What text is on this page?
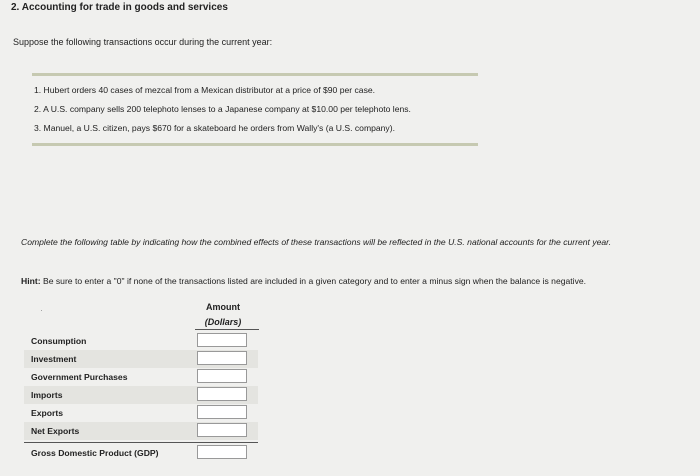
2. Accounting for trade in goods and services
Suppose the following transactions occur during the current year:
1. Hubert orders 40 cases of mezcal from a Mexican distributor at a price of $90 per case.
2. A U.S. company sells 200 telephoto lenses to a Japanese company at $10.00 per telephoto lens.
3. Manuel, a U.S. citizen, pays $670 for a skateboard he orders from Wally's (a U.S. company).
Complete the following table by indicating how the combined effects of these transactions will be reflected in the U.S. national accounts for the current year.
Hint: Be sure to enter a "0" if none of the transactions listed are included in a given category and to enter a minus sign when the balance is negative.
·	Amount
(Dollars)
Consumption
Investment
Government Purchases
Imports
Exports
Net Exports
Gross Domestic Product (GDP)
